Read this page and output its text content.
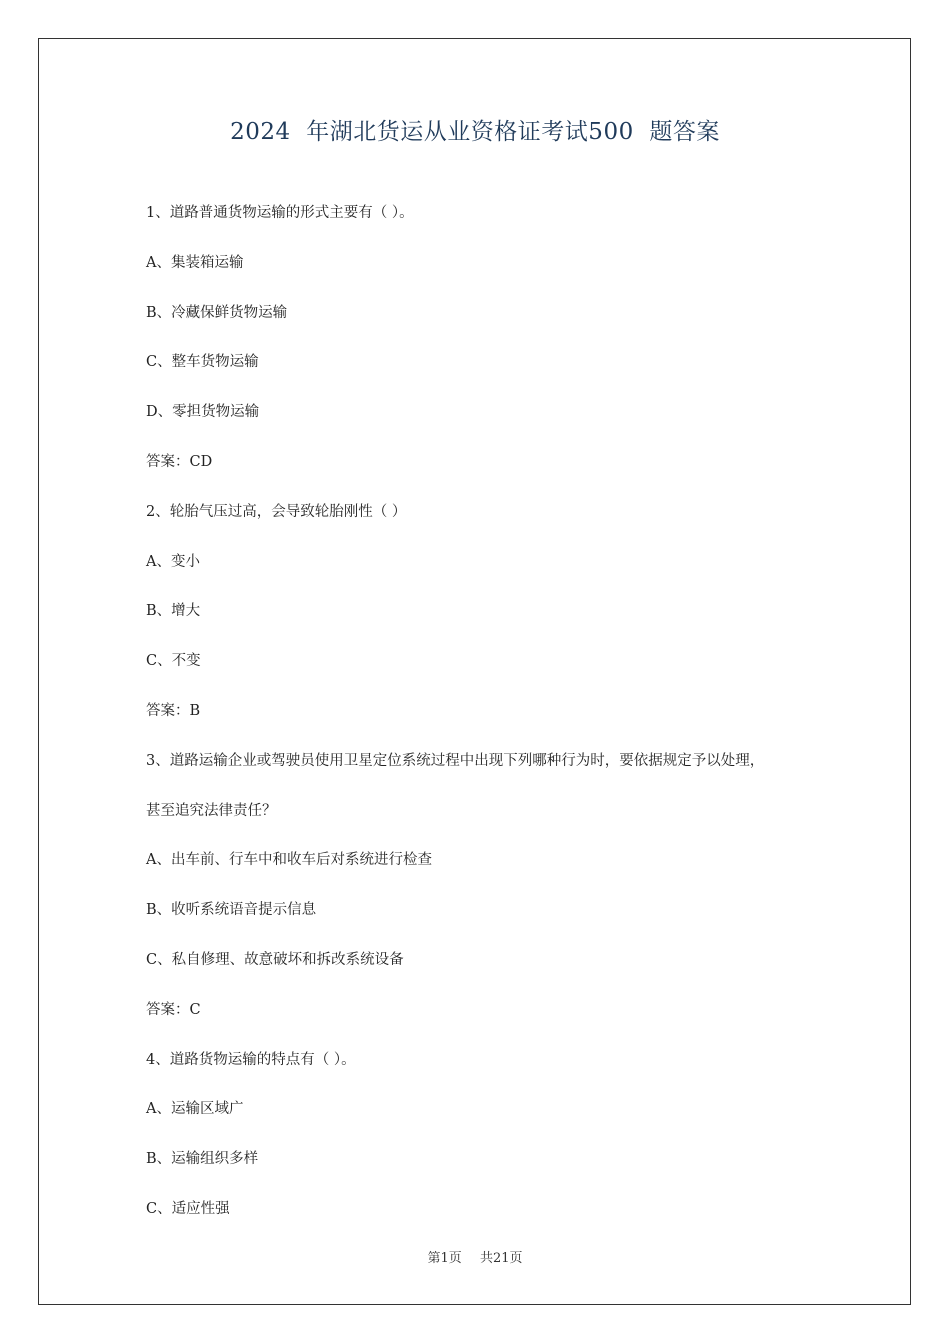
2024  年湖北货运从业资格证考试500  题答案
1、道路普通货物运输的形式主要有（ ）。
A、集装箱运输
B、冷藏保鲜货物运输
C、整车货物运输
D、零担货物运输
答案：CD
2、轮胎气压过高，会导致轮胎刚性（ ）
A、变小
B、增大
C、不变
答案：B
3、道路运输企业或驾驶员使用卫星定位系统过程中出现下列哪种行为时，要依据规定予以处理，
甚至追究法律责任？
A、出车前、行车中和收车后对系统进行检查
B、收听系统语音提示信息
C、私自修理、故意破坏和拆改系统设备
答案：C
4、道路货物运输的特点有（ ）。
A、运输区域广
B、运输组织多样
C、适应性强
第1页 共21页
